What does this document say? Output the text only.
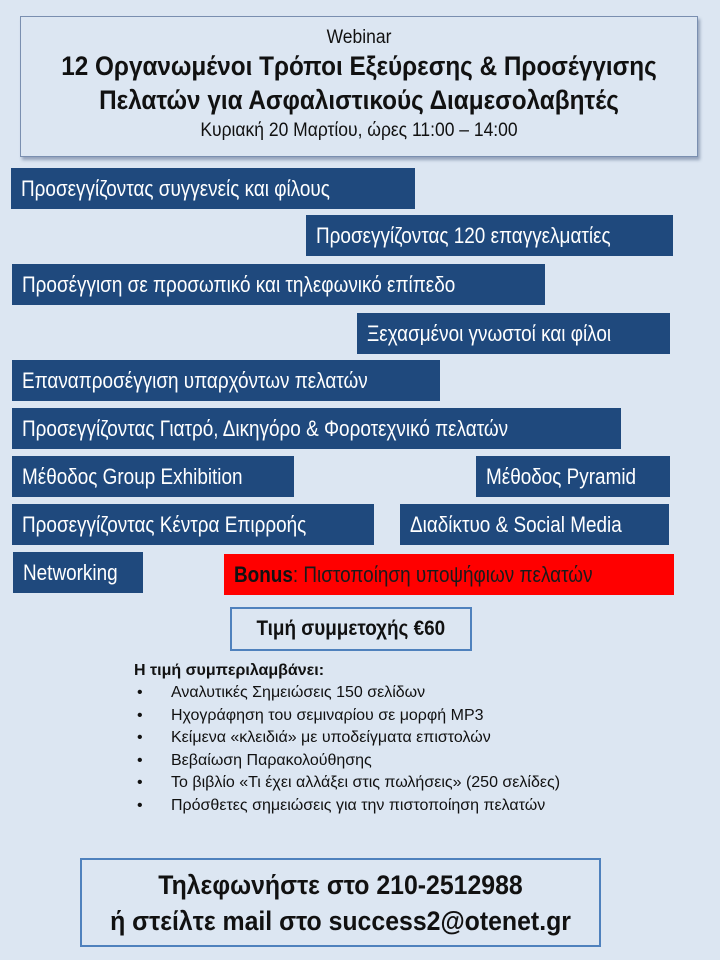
Webinar
12 Οργανωμένοι Τρόποι Εξεύρεσης & Προσέγγισης
Πελατών για Ασφαλιστικούς Διαμεσολαβητές
Κυριακή 20 Μαρτίου, ώρες 11:00 – 14:00
Προσεγγίζοντας συγγενείς και φίλους
Προσεγγίζοντας 120 επαγγελματίες
Προσέγγιση σε προσωπικό και τηλεφωνικό επίπεδο
Ξεχασμένοι γνωστοί και φίλοι
Επαναπροσέγγιση υπαρχόντων πελατών
Προσεγγίζοντας Γιατρό, Δικηγόρο & Φοροτεχνικό πελατών
Μέθοδος Group Exhibition	Μέθοδος Pyramid
Προσεγγίζοντας Κέντρα Επιρροής	Διαδίκτυο & Social Media
Networking	Bonus: Πιστοποίηση υποψήφιων πελατών
Τιμή συμμετοχής €60
Η τιμή συμπεριλαμβάνει:
• Αναλυτικές Σημειώσεις 150 σελίδων
• Ηχογράφηση του σεμιναρίου σε μορφή MP3
• Κείμενα «κλειδιά» με υποδείγματα επιστολών
• Βεβαίωση Παρακολούθησης
• Το βιβλίο «Τι έχει αλλάξει στις πωλήσεις» (250 σελίδες)
• Πρόσθετες σημειώσεις για την πιστοποίηση πελατών
Τηλεφωνήστε στο 210-2512988
ή στείλτε mail στο success2@otenet.gr
